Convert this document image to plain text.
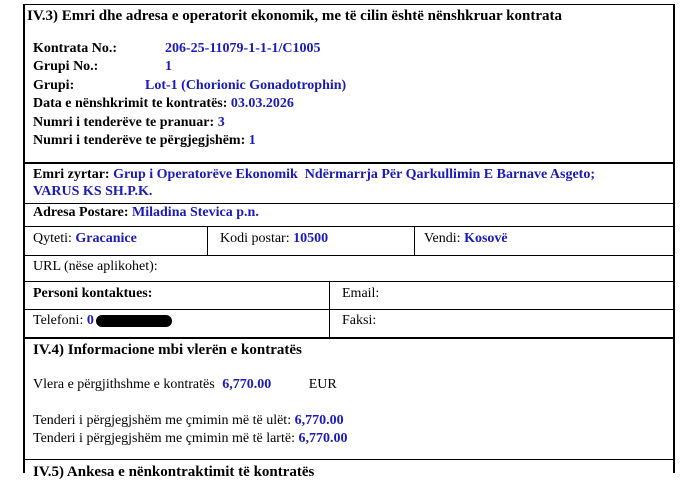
IV.3) Emri dhe adresa e operatorit ekonomik, me të cilin është nënshkruar kontrata
Kontrata No.:	206-25-11079-1-1-1/C1005
Grupi No.:	1
Grupi:	Lot-1 (Chorionic Gonadotrophin)
Data e nënshkrimit te kontratës: 03.03.2026
Numri i tenderëve te pranuar: 3
Numri i tenderëve te përgjegjshëm: 1
Emri zyrtar: Grup i Operatorëve Ekonomik  Ndërmarrja Për Qarkullimin E Barnave Asgeto;
VARUS KS SH.P.K.
Adresa Postare: Miladina Stevica p.n.
Qyteti: Gracanice	Kodi postar: 10500	Vendi: Kosovë
URL (nëse aplikohet):
Personi kontaktues:	Email:
Telefoni: 0	Faksi:
IV.4) Informacione mbi vlerën e kontratës
Vlera e përgjithshme e kontratës 6,770.00	EUR
Tenderi i përgjegjshëm me çmimin më të ulët: 6,770.00
Tenderi i përgjegjshëm me çmimin më të lartë: 6,770.00
IV.5) Ankesa e nënkontraktimit të kontratës
